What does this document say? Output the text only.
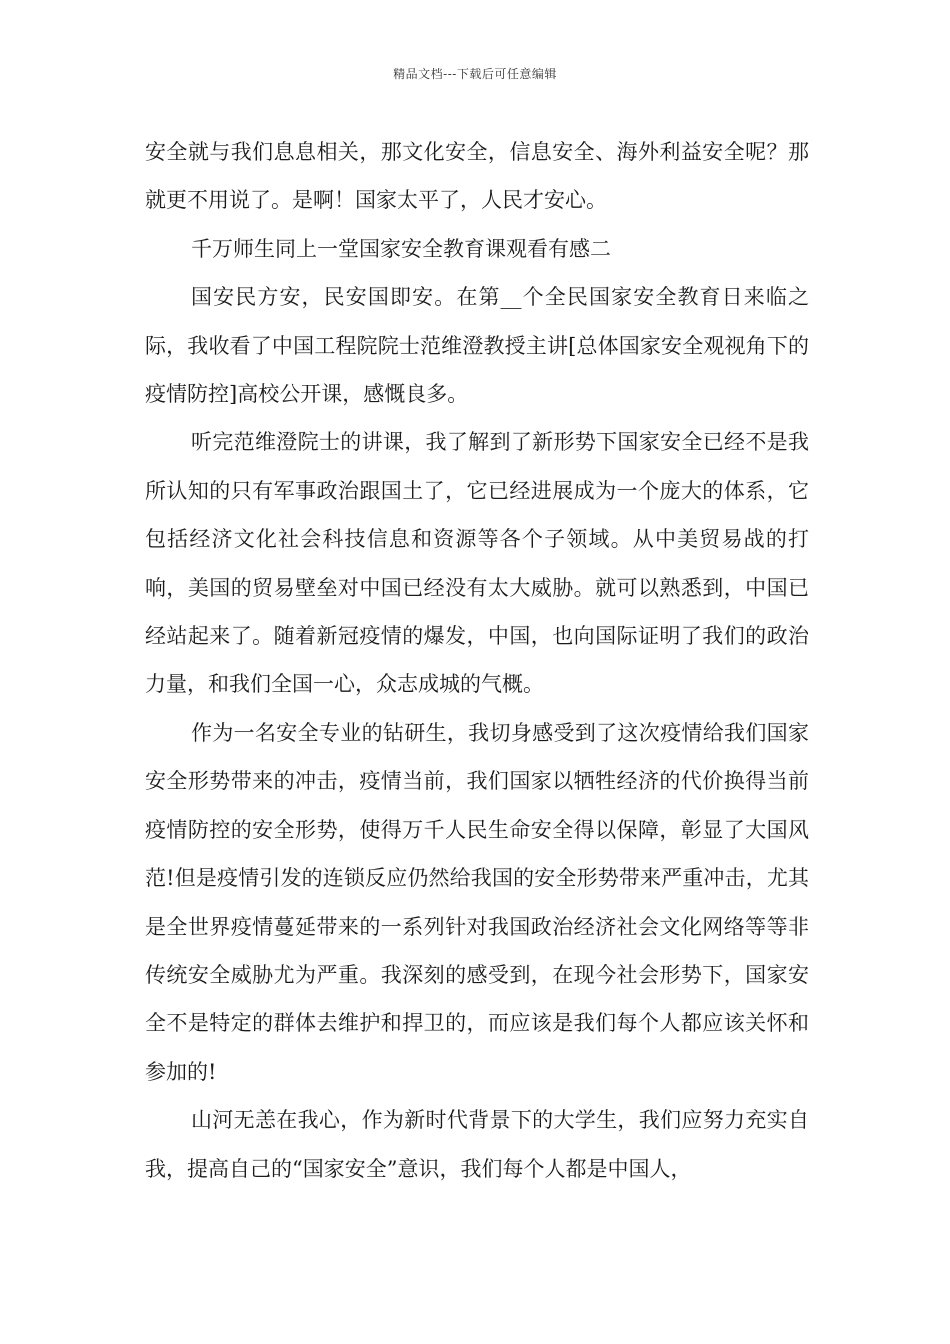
精品文档---下载后可任意编辑

安全就与我们息息相关，那文化安全，信息安全、海外利益安全呢？那就更不用说了。是啊！国家太平了，人民才安心。

千万师生同上一堂国家安全教育课观看有感二

国安民方安，民安国即安。在第__个全民国家安全教育日来临之际，我收看了中国工程院院士范维澄教授主讲[总体国家安全观视角下的疫情防控]高校公开课，感慨良多。

听完范维澄院士的讲课，我了解到了新形势下国家安全已经不是我所认知的只有军事政治跟国土了，它已经进展成为一个庞大的体系，它包括经济文化社会科技信息和资源等各个子领域。从中美贸易战的打响，美国的贸易壁垒对中国已经没有太大威胁。就可以熟悉到，中国已经站起来了。随着新冠疫情的爆发，中国，也向国际证明了我们的政治力量，和我们全国一心，众志成城的气概。

作为一名安全专业的钻研生，我切身感受到了这次疫情给我们国家安全形势带来的冲击，疫情当前，我们国家以牺牲经济的代价换得当前疫情防控的安全形势，使得万千人民生命安全得以保障，彰显了大国风范!但是疫情引发的连锁反应仍然给我国的安全形势带来严重冲击，尤其是全世界疫情蔓延带来的一系列针对我国政治经济社会文化网络等等非传统安全威胁尤为严重。我深刻的感受到，在现今社会形势下，国家安全不是特定的群体去维护和捍卫的，而应该是我们每个人都应该关怀和参加的!

山河无恙在我心，作为新时代背景下的大学生，我们应努力充实自我，提高自己的“国家安全”意识，我们每个人都是中国人，
